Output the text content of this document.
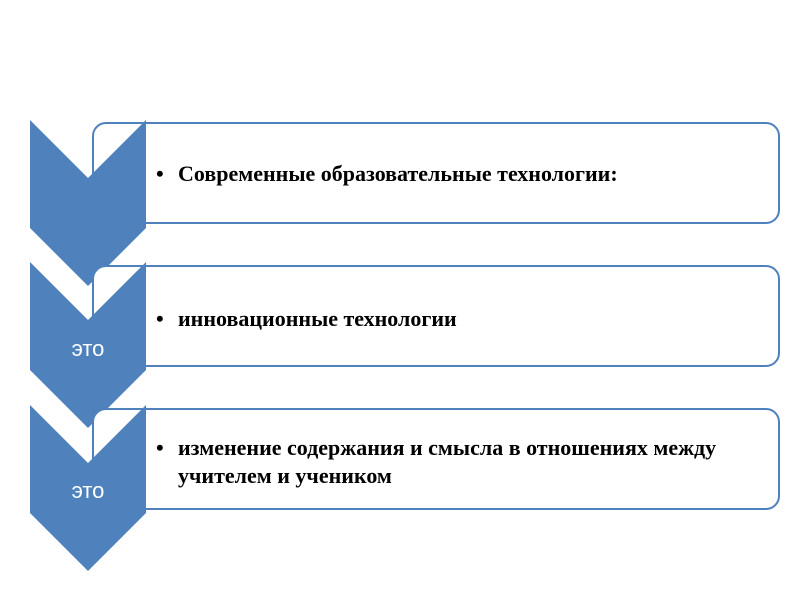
• Современные образовательные технологии:
это
• инновационные технологии
это
• изменение содержания и смысла в отношениях между учителем и учеником
